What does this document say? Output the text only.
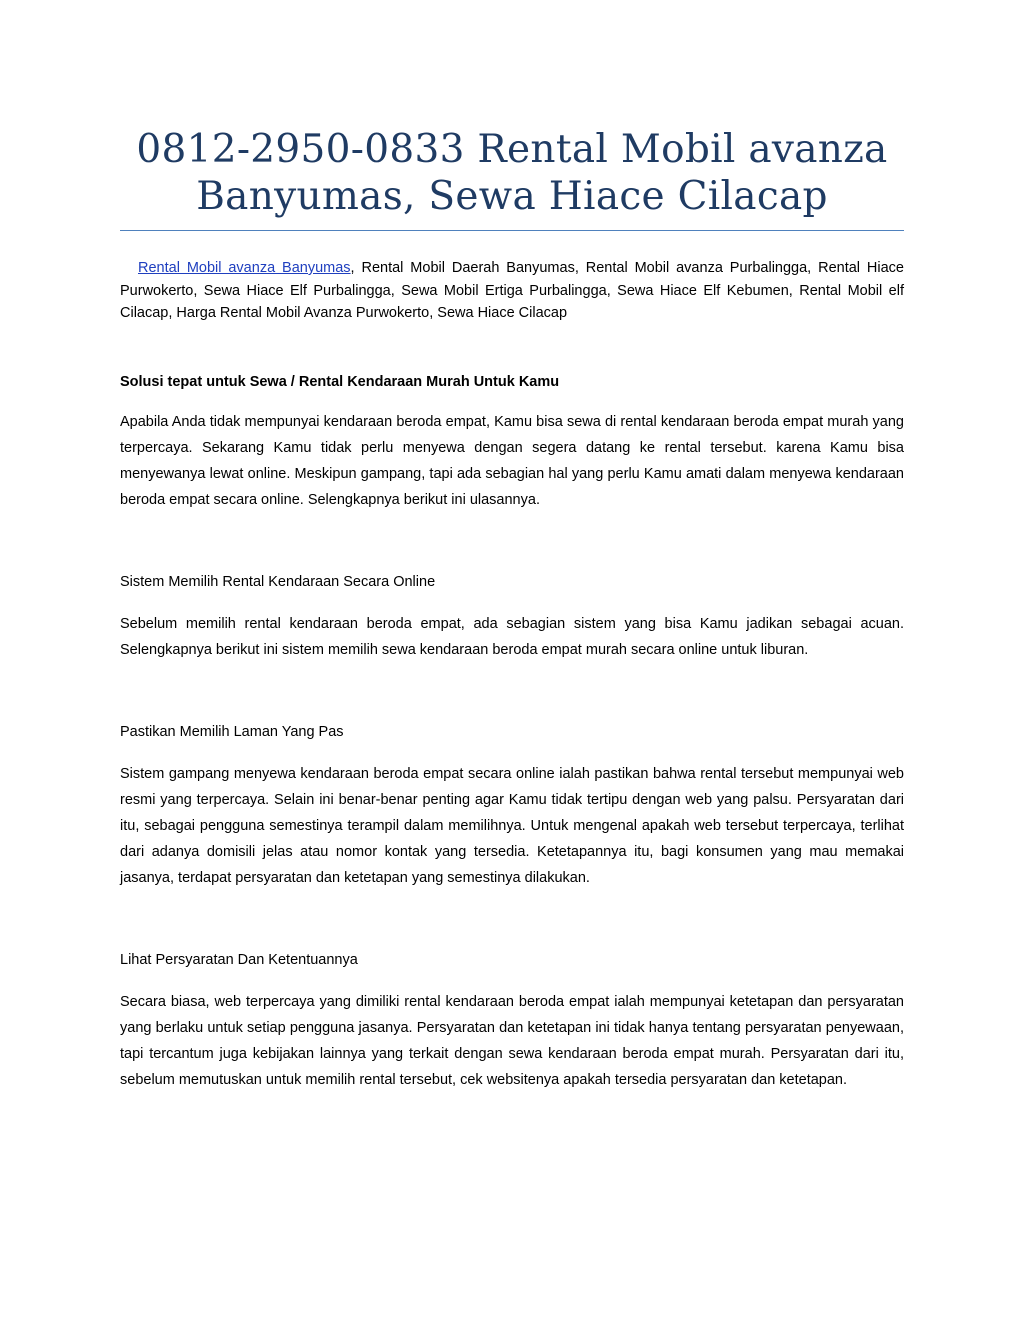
0812-2950-0833 Rental Mobil avanza Banyumas, Sewa Hiace Cilacap

Rental Mobil avanza Banyumas, Rental Mobil Daerah Banyumas, Rental Mobil avanza Purbalingga, Rental Hiace Purwokerto, Sewa Hiace Elf Purbalingga, Sewa Mobil Ertiga Purbalingga, Sewa Hiace Elf Kebumen, Rental Mobil elf Cilacap, Harga Rental Mobil Avanza Purwokerto, Sewa Hiace Cilacap

Solusi tepat untuk Sewa / Rental Kendaraan Murah Untuk Kamu

Apabila Anda tidak mempunyai kendaraan beroda empat, Kamu bisa sewa di rental kendaraan beroda empat murah yang terpercaya. Sekarang Kamu tidak perlu menyewa dengan segera datang ke rental tersebut. karena Kamu bisa menyewanya lewat online. Meskipun gampang, tapi ada sebagian hal yang perlu Kamu amati dalam menyewa kendaraan beroda empat secara online. Selengkapnya berikut ini ulasannya.

Sistem Memilih Rental Kendaraan Secara Online

Sebelum memilih rental kendaraan beroda empat, ada sebagian sistem yang bisa Kamu jadikan sebagai acuan. Selengkapnya berikut ini sistem memilih sewa kendaraan beroda empat murah secara online untuk liburan.

Pastikan Memilih Laman Yang Pas

Sistem gampang menyewa kendaraan beroda empat secara online ialah pastikan bahwa rental tersebut mempunyai web resmi yang terpercaya. Selain ini benar-benar penting agar Kamu tidak tertipu dengan web yang palsu. Persyaratan dari itu, sebagai pengguna semestinya terampil dalam memilihnya. Untuk mengenal apakah web tersebut terpercaya, terlihat dari adanya domisili jelas atau nomor kontak yang tersedia. Ketetapannya itu, bagi konsumen yang mau memakai jasanya, terdapat persyaratan dan ketetapan yang semestinya dilakukan.

Lihat Persyaratan Dan Ketentuannya

Secara biasa, web terpercaya yang dimiliki rental kendaraan beroda empat ialah mempunyai ketetapan dan persyaratan yang berlaku untuk setiap pengguna jasanya. Persyaratan dan ketetapan ini tidak hanya tentang persyaratan penyewaan, tapi tercantum juga kebijakan lainnya yang terkait dengan sewa kendaraan beroda empat murah. Persyaratan dari itu, sebelum memutuskan untuk memilih rental tersebut, cek websitenya apakah tersedia persyaratan dan ketetapan.
